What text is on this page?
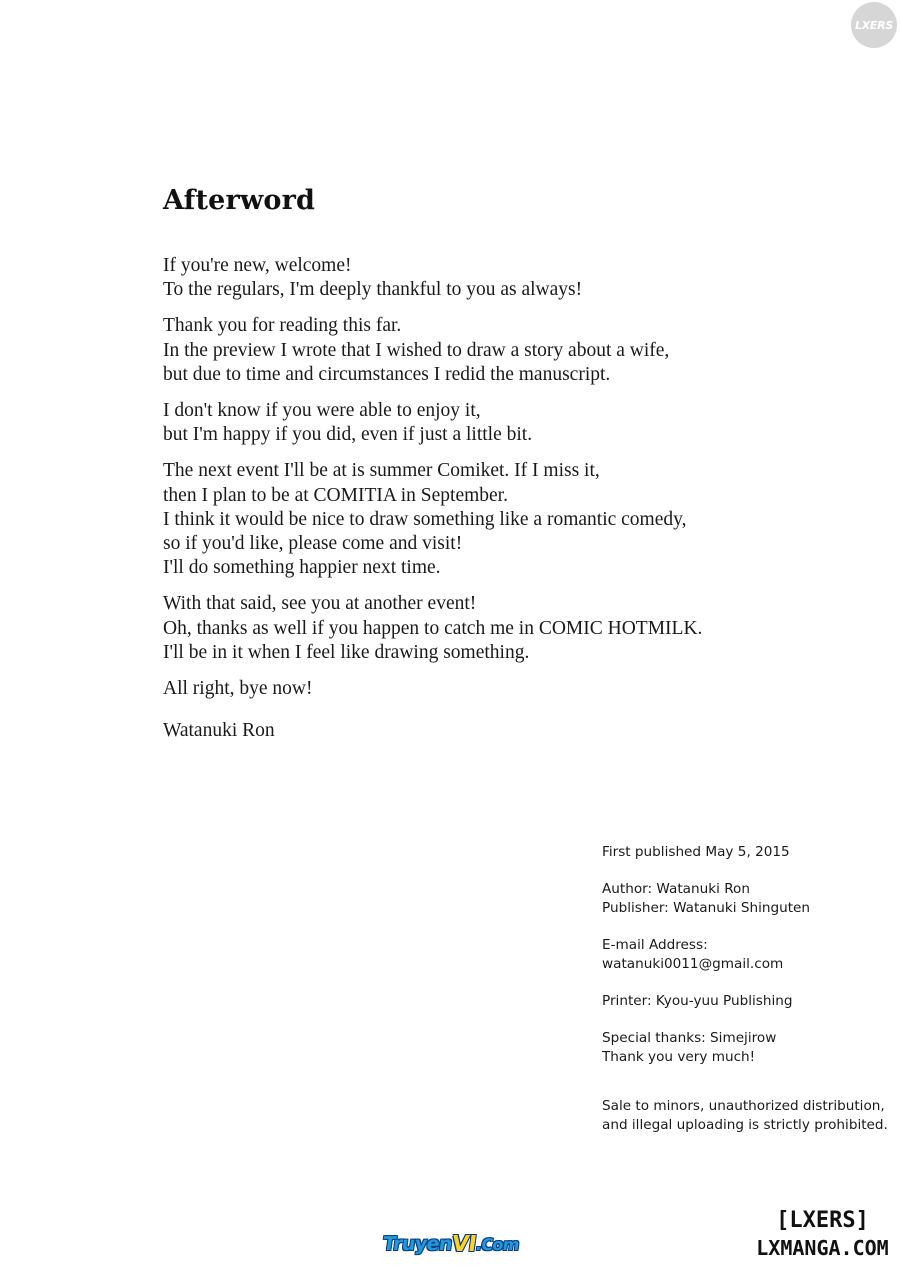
LXERS
Afterword
If you're new, welcome!
To the regulars, I'm deeply thankful to you as always!
Thank you for reading this far.
In the preview I wrote that I wished to draw a story about a wife,
but due to time and circumstances I redid the manuscript.
I don't know if you were able to enjoy it,
but I'm happy if you did, even if just a little bit.
The next event I'll be at is summer Comiket. If I miss it,
then I plan to be at COMITIA in September.
I think it would be nice to draw something like a romantic comedy,
so if you'd like, please come and visit!
I'll do something happier next time.
With that said, see you at another event!
Oh, thanks as well if you happen to catch me in COMIC HOTMILK.
I'll be in it when I feel like drawing something.
All right, bye now!
Watanuki Ron
First published May 5, 2015
Author: Watanuki Ron
Publisher: Watanuki Shinguten
E-mail Address:
watanuki0011@gmail.com
Printer: Kyou-yuu Publishing
Special thanks: Simejirow
Thank you very much!
Sale to minors, unauthorized distribution,
and illegal uploading is strictly prohibited.
Truyen
VI
.Com
[LXERS]
LXMANGA.COM
